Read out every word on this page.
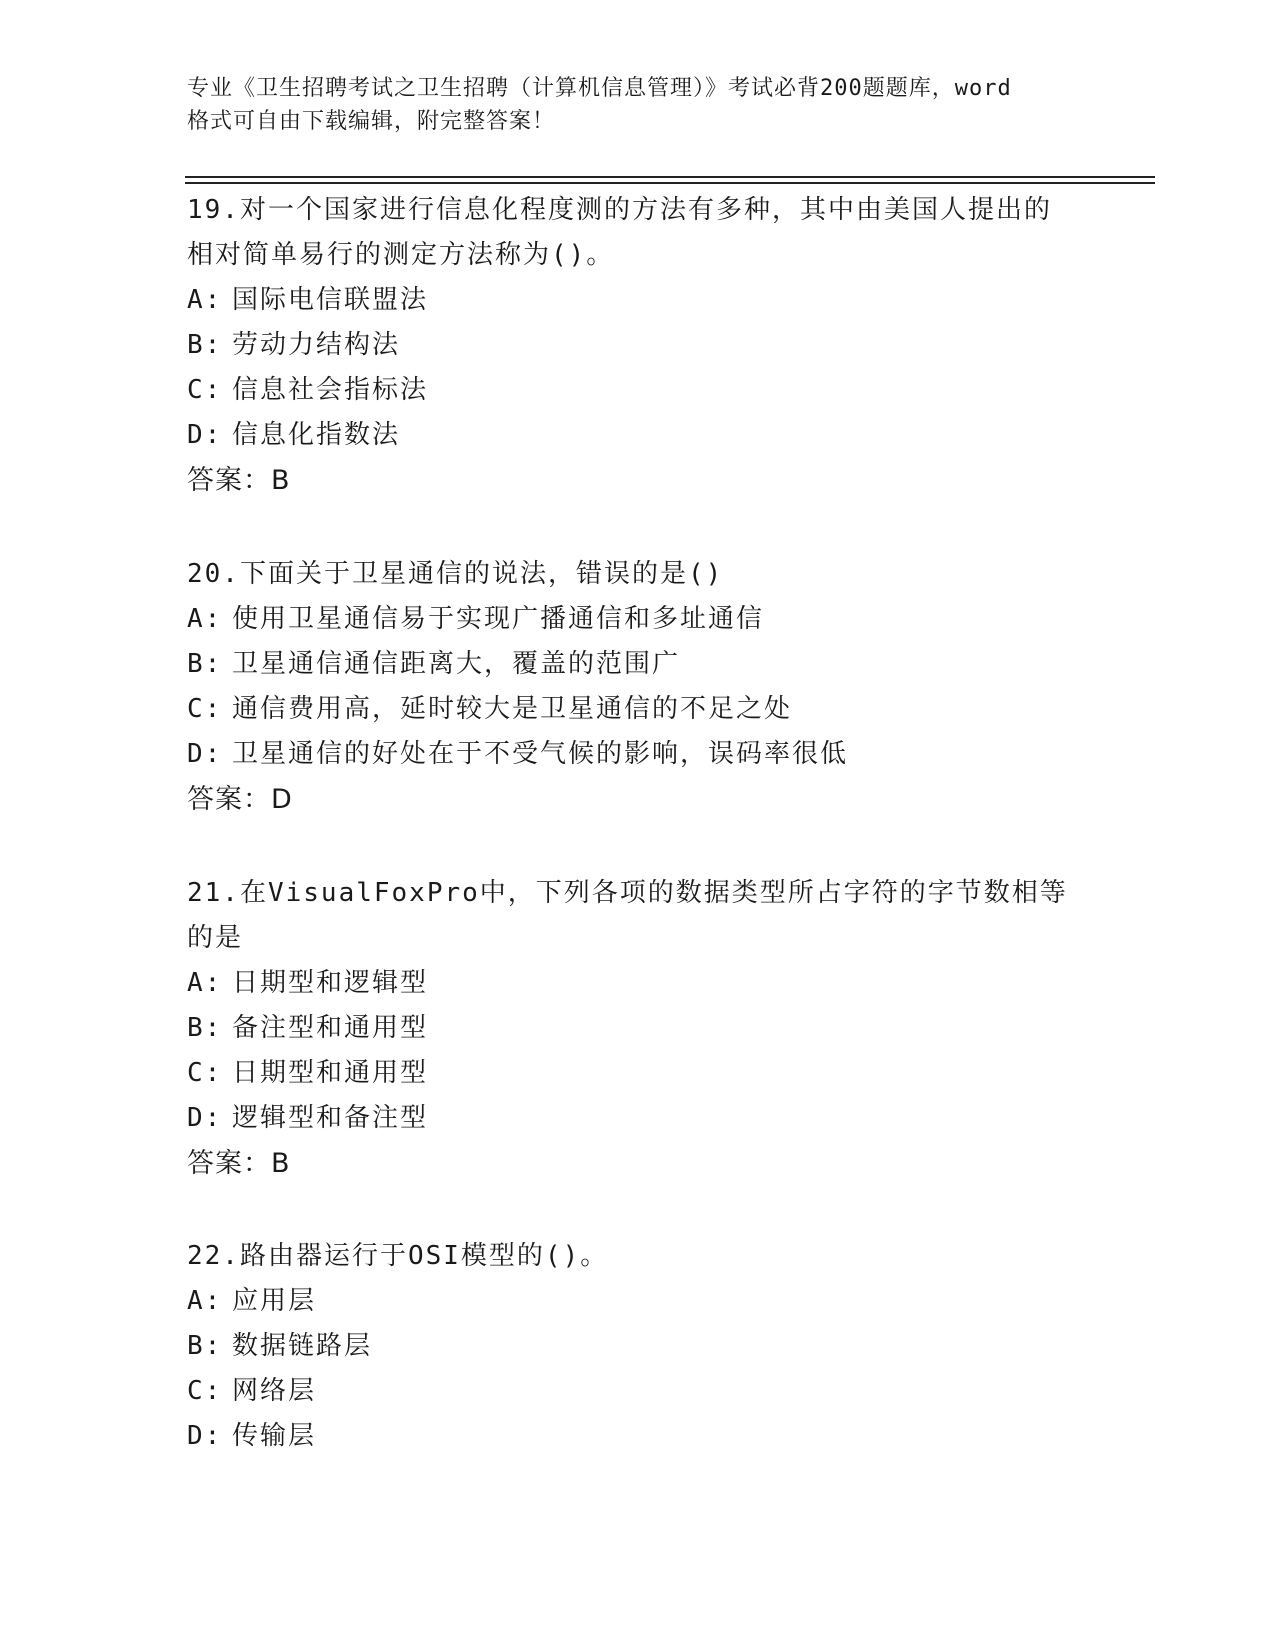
专业《卫生招聘考试之卫生招聘（计算机信息管理）》考试必背200题题库，word
格式可自由下载编辑，附完整答案！

19.对一个国家进行信息化程度测的方法有多种，其中由美国人提出的

相对简单易行的测定方法称为()。

A: 国际电信联盟法

B: 劳动力结构法

C: 信息社会指标法

D: 信息化指数法

答案：B

20.下面关于卫星通信的说法，错误的是()

A: 使用卫星通信易于实现广播通信和多址通信

B: 卫星通信通信距离大，覆盖的范围广

C: 通信费用高，延时较大是卫星通信的不足之处

D: 卫星通信的好处在于不受气候的影响，误码率很低

答案：D

21.在VisualFoxPro中，下列各项的数据类型所占字符的字节数相等

的是

A: 日期型和逻辑型

B: 备注型和通用型

C: 日期型和通用型

D: 逻辑型和备注型

答案：B

22.路由器运行于OSI模型的()。

A: 应用层

B: 数据链路层

C: 网络层

D: 传输层
